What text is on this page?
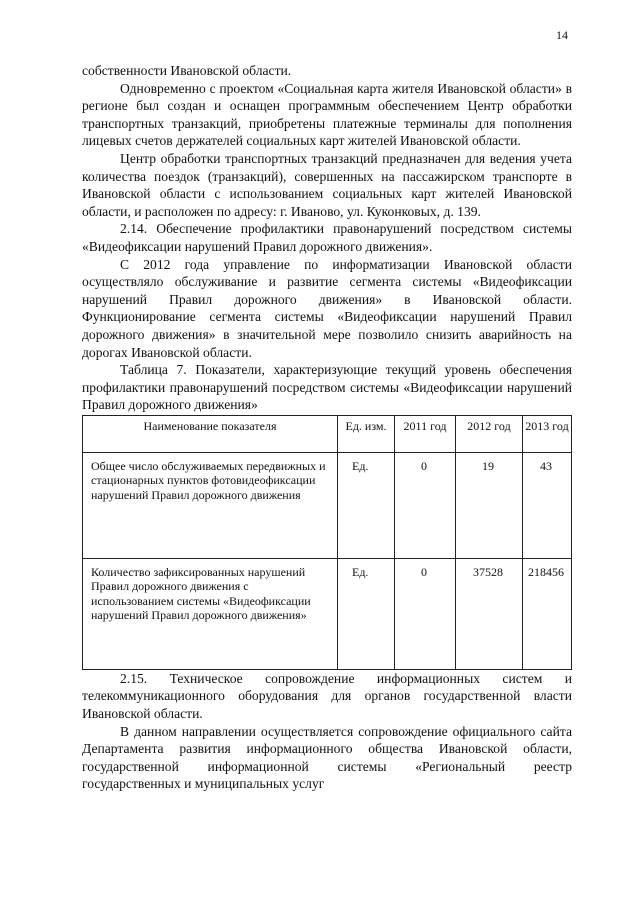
14

собственности Ивановской области.

Одновременно с проектом «Социальная карта жителя Ивановской области» в регионе был создан и оснащен программным обеспечением Центр обработки транспортных транзакций, приобретены платежные терминалы для пополнения лицевых счетов держателей социальных карт жителей Ивановской области.

Центр обработки транспортных транзакций предназначен для ведения учета количества поездок (транзакций), совершенных на пассажирском транспорте в Ивановской области с использованием социальных карт жителей Ивановской области, и расположен по адресу: г. Иваново, ул. Куконковых, д. 139.

2.14. Обеспечение профилактики правонарушений посредством системы «Видеофиксации нарушений Правил дорожного движения».

С 2012 года управление по информатизации Ивановской области осуществляло обслуживание и развитие сегмента системы «Видеофиксации нарушений Правил дорожного движения» в Ивановской области. Функционирование сегмента системы «Видеофиксации нарушений Правил дорожного движения» в значительной мере позволило снизить аварийность на дорогах Ивановской области.

Таблица 7. Показатели, характеризующие текущий уровень обеспечения профилактики правонарушений посредством системы «Видеофиксации нарушений Правил дорожного движения»

Наименование показателя	Ед. изм.	2011 год	2012 год	2013 год
Общее число обслуживаемых передвижных и стационарных пунктов фотовидеофиксации нарушений Правил дорожного движения	Ед.	0	19	43
Количество зафиксированных нарушений Правил дорожного движения с использованием системы «Видеофиксации нарушений Правил дорожного движения»	Ед.	0	37528	218456

2.15. Техническое сопровождение информационных систем и телекоммуникационного оборудования для органов государственной власти Ивановской области.

В данном направлении осуществляется сопровождение официального сайта Департамента развития информационного общества Ивановской области, государственной информационной системы «Региональный реестр государственных и муниципальных услуг
